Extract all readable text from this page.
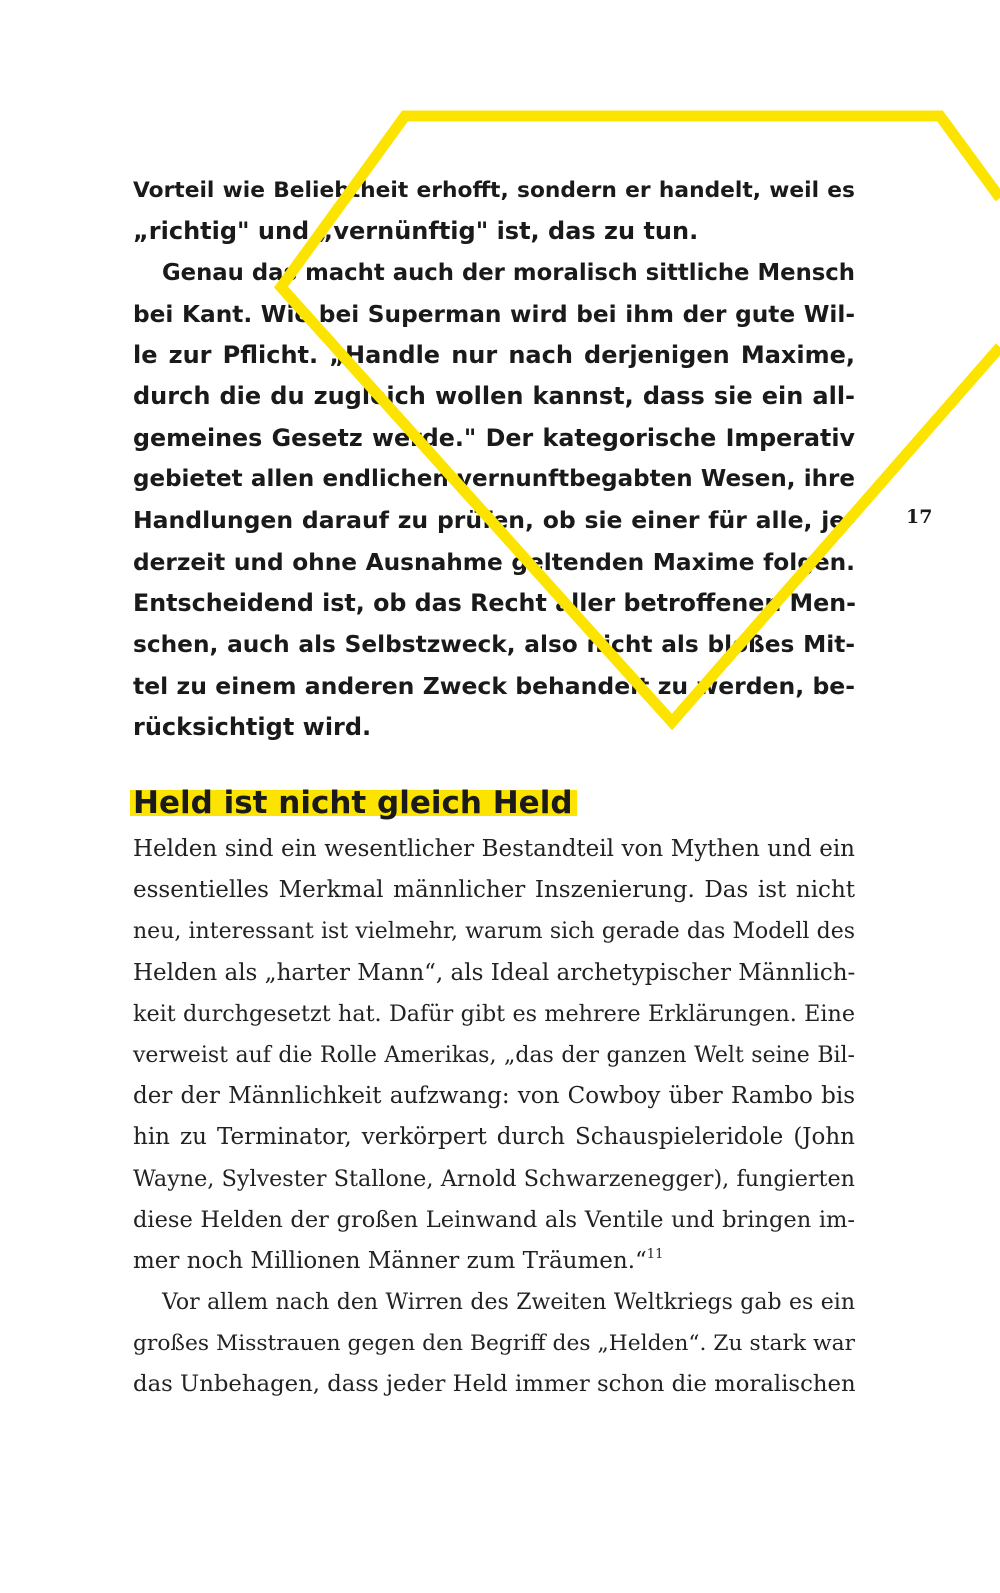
Vorteil wie Beliebtheit erhofft, sondern er handelt, weil es
„richtig" und „vernünftig" ist, das zu tun.
Genau das macht auch der moralisch sittliche Mensch
bei Kant. Wie bei Superman wird bei ihm der gute Wil-
le zur Pflicht. „Handle nur nach derjenigen Maxime,
durch die du zugleich wollen kannst, dass sie ein all-
gemeines Gesetz werde." Der kategorische Imperativ
gebietet allen endlichen vernunftbegabten Wesen, ihre
Handlungen darauf zu prüfen, ob sie einer für alle, je-
derzeit und ohne Ausnahme geltenden Maxime folgen.
Entscheidend ist, ob das Recht aller betroffenen Men-
schen, auch als Selbstzweck, also nicht als bloßes Mit-
tel zu einem anderen Zweck behandelt zu werden, be-
rücksichtigt wird.
17
Held ist nicht gleich Held
Helden sind ein wesentlicher Bestandteil von Mythen und ein
essentielles Merkmal männlicher Inszenierung. Das ist nicht
neu, interessant ist vielmehr, warum sich gerade das Modell des
Helden als „harter Mann“, als Ideal archetypischer Männlich-
keit durchgesetzt hat. Dafür gibt es mehrere Erklärungen. Eine
verweist auf die Rolle Amerikas, „das der ganzen Welt seine Bil-
der der Männlichkeit aufzwang: von Cowboy über Rambo bis
hin zu Terminator, verkörpert durch Schauspieleridole (John
Wayne, Sylvester Stallone, Arnold Schwarzenegger), fungierten
diese Helden der großen Leinwand als Ventile und bringen im-
mer noch Millionen Männer zum Träumen.“$^{11}$
Vor allem nach den Wirren des Zweiten Weltkriegs gab es ein
großes Misstrauen gegen den Begriff des „Helden“. Zu stark war
das Unbehagen, dass jeder Held immer schon die moralischen
